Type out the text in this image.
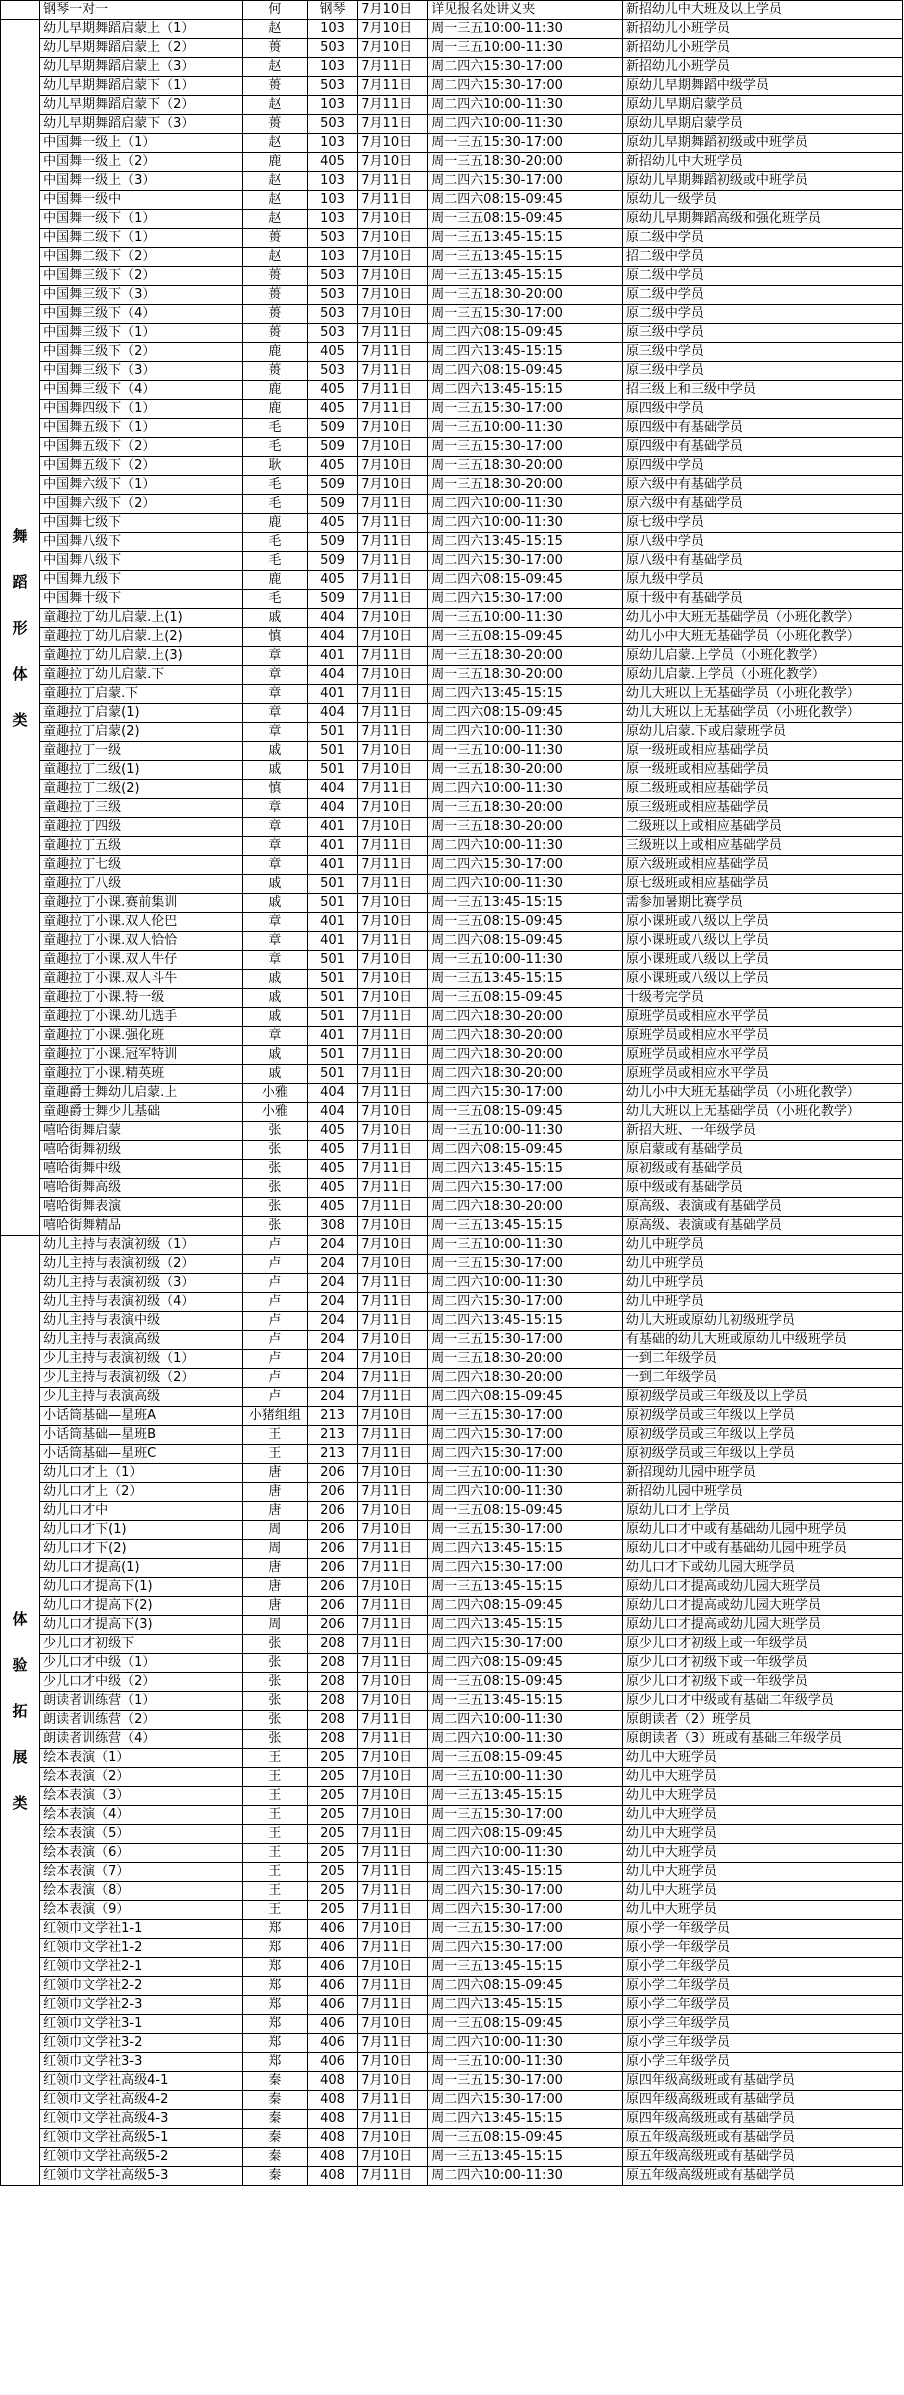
	钢琴一对一	何	钢琴	7月10日	详见报名处讲义夹	新招幼儿中大班及以上学员

舞
蹈
形
体
类	幼儿早期舞蹈启蒙上（1）	赵	103	7月10日	周一三五10:00-11:30	新招幼儿小班学员
	幼儿早期舞蹈启蒙上（2）	蒉	503	7月10日	周一三五10:00-11:30	新招幼儿小班学员
	幼儿早期舞蹈启蒙上（3）	赵	103	7月11日	周二四六15:30-17:00	新招幼儿小班学员
	幼儿早期舞蹈启蒙下（1）	蒉	503	7月11日	周二四六15:30-17:00	原幼儿早期舞蹈中级学员
	幼儿早期舞蹈启蒙下（2）	赵	103	7月11日	周二四六10:00-11:30	原幼儿早期启蒙学员
	幼儿早期舞蹈启蒙下（3）	蒉	503	7月11日	周二四六10:00-11:30	原幼儿早期启蒙学员
	中国舞一级上（1）	赵	103	7月10日	周一三五15:30-17:00	原幼儿早期舞蹈初级或中班学员
	中国舞一级上（2）	鹿	405	7月10日	周一三五18:30-20:00	新招幼儿中大班学员
	中国舞一级上（3）	赵	103	7月11日	周二四六15:30-17:00	原幼儿早期舞蹈初级或中班学员
	中国舞一级中	赵	103	7月11日	周二四六08:15-09:45	原幼儿一级学员
	中国舞一级下（1）	赵	103	7月10日	周一三五08:15-09:45	原幼儿早期舞蹈高级和强化班学员
	中国舞二级下（1）	蒉	503	7月10日	周一三五13:45-15:15	原二级中学员
	中国舞二级下（2）	赵	103	7月10日	周一三五13:45-15:15	招二级中学员
	中国舞三级下（2）	蒉	503	7月10日	周一三五13:45-15:15	原二级中学员
	中国舞三级下（3）	蒉	503	7月10日	周一三五18:30-20:00	原二级中学员
	中国舞三级下（4）	蒉	503	7月10日	周一三五15:30-17:00	原二级中学员
	中国舞三级下（1）	蒉	503	7月11日	周二四六08:15-09:45	原三级中学员
	中国舞三级下（2）	鹿	405	7月11日	周二四六13:45-15:15	原三级中学员
	中国舞三级下（3）	蒉	503	7月11日	周二四六08:15-09:45	原三级中学员
	中国舞三级下（4）	鹿	405	7月11日	周二四六13:45-15:15	招三级上和三级中学员
	中国舞四级下（1）	鹿	405	7月11日	周一三五15:30-17:00	原四级中学员
	中国舞五级下（1）	毛	509	7月10日	周一三五10:00-11:30	原四级中有基础学员
	中国舞五级下（2）	毛	509	7月10日	周一三五15:30-17:00	原四级中有基础学员
	中国舞五级下（2）	耿	405	7月10日	周一三五18:30-20:00	原四级中学员
	中国舞六级下（1）	毛	509	7月10日	周一三五18:30-20:00	原六级中有基础学员
	中国舞六级下（2）	毛	509	7月11日	周二四六10:00-11:30	原六级中有基础学员
	中国舞七级下	鹿	405	7月11日	周二四六10:00-11:30	原七级中学员
	中国舞八级下	毛	509	7月11日	周二四六13:45-15:15	原八级中学员
	中国舞八级下	毛	509	7月11日	周二四六15:30-17:00	原八级中有基础学员
	中国舞九级下	鹿	405	7月11日	周二四六08:15-09:45	原九级中学员
	中国舞十级下	毛	509	7月11日	周二四六15:30-17:00	原十级中有基础学员
	童趣拉丁幼儿启蒙.上(1)	戚	404	7月10日	周一三五10:00-11:30	幼儿小中大班无基础学员（小班化教学）
	童趣拉丁幼儿启蒙.上(2)	慎	404	7月10日	周一三五08:15-09:45	幼儿小中大班无基础学员（小班化教学）
	童趣拉丁幼儿启蒙.上(3)	章	401	7月11日	周一三五18:30-20:00	原幼儿启蒙.上学员（小班化教学）
	童趣拉丁幼儿启蒙.下	章	404	7月10日	周一三五18:30-20:00	原幼儿启蒙.上学员（小班化教学）
	童趣拉丁启蒙.下	章	401	7月11日	周二四六13:45-15:15	幼儿大班以上无基础学员（小班化教学）
	童趣拉丁启蒙(1)	章	404	7月11日	周二四六08:15-09:45	幼儿大班以上无基础学员（小班化教学）
	童趣拉丁启蒙(2)	章	501	7月11日	周二四六10:00-11:30	原幼儿启蒙.下或启蒙班学员
	童趣拉丁一级	戚	501	7月10日	周一三五10:00-11:30	原一级班或相应基础学员
	童趣拉丁二级(1)	戚	501	7月10日	周一三五18:30-20:00	原一级班或相应基础学员
	童趣拉丁二级(2)	慎	404	7月11日	周二四六10:00-11:30	原二级班或相应基础学员
	童趣拉丁三级	章	404	7月10日	周一三五18:30-20:00	原三级班或相应基础学员
	童趣拉丁四级	章	401	7月10日	周一三五18:30-20:00	二级班以上或相应基础学员
	童趣拉丁五级	章	401	7月11日	周二四六10:00-11:30	三级班以上或相应基础学员
	童趣拉丁七级	章	401	7月11日	周二四六15:30-17:00	原六级班或相应基础学员
	童趣拉丁八级	戚	501	7月11日	周二四六10:00-11:30	原七级班或相应基础学员
	童趣拉丁小课.赛前集训	戚	501	7月10日	周一三五13:45-15:15	需参加暑期比赛学员
	童趣拉丁小课.双人伦巴	章	401	7月10日	周一三五08:15-09:45	原小课班或八级以上学员
	童趣拉丁小课.双人恰恰	章	401	7月11日	周二四六08:15-09:45	原小课班或八级以上学员
	童趣拉丁小课.双人牛仔	章	501	7月10日	周一三五10:00-11:30	原小课班或八级以上学员
	童趣拉丁小课.双人斗牛	戚	501	7月10日	周一三五13:45-15:15	原小课班或八级以上学员
	童趣拉丁小课.特一级	戚	501	7月10日	周一三五08:15-09:45	十级考完学员
	童趣拉丁小课.幼儿选手	戚	501	7月11日	周二四六18:30-20:00	原班学员或相应水平学员
	童趣拉丁小课.强化班	章	401	7月11日	周二四六18:30-20:00	原班学员或相应水平学员
	童趣拉丁小课.冠军特训	戚	501	7月11日	周二四六18:30-20:00	原班学员或相应水平学员
	童趣拉丁小课.精英班	戚	501	7月11日	周二四六18:30-20:00	原班学员或相应水平学员
	童趣爵士舞幼儿启蒙.上	小雅	404	7月11日	周二四六15:30-17:00	幼儿小中大班无基础学员（小班化教学）
	童趣爵士舞少儿基础	小雅	404	7月10日	周一三五08:15-09:45	幼儿大班以上无基础学员（小班化教学）
	嘻哈街舞启蒙	张	405	7月10日	周一三五10:00-11:30	新招大班、一年级学员
	嘻哈街舞初级	张	405	7月11日	周二四六08:15-09:45	原启蒙或有基础学员
	嘻哈街舞中级	张	405	7月11日	周二四六13:45-15:15	原初级或有基础学员
	嘻哈街舞高级	张	405	7月11日	周二四六15:30-17:00	原中级或有基础学员
	嘻哈街舞表演	张	405	7月11日	周二四六18:30-20:00	原高级、表演或有基础学员
	嘻哈街舞精品	张	308	7月10日	周一三五13:45-15:15	原高级、表演或有基础学员

体
验
拓
展
类	幼儿主持与表演初级（1）	卢	204	7月10日	周一三五10:00-11:30	幼儿中班学员
	幼儿主持与表演初级（2）	卢	204	7月10日	周一三五15:30-17:00	幼儿中班学员
	幼儿主持与表演初级（3）	卢	204	7月11日	周二四六10:00-11:30	幼儿中班学员
	幼儿主持与表演初级（4）	卢	204	7月11日	周二四六15:30-17:00	幼儿中班学员
	幼儿主持与表演中级	卢	204	7月11日	周二四六13:45-15:15	幼儿大班或原幼儿初级班学员
	幼儿主持与表演高级	卢	204	7月10日	周一三五15:30-17:00	有基础的幼儿大班或原幼儿中级班学员
	少儿主持与表演初级（1）	卢	204	7月10日	周一三五18:30-20:00	一到二年级学员
	少儿主持与表演初级（2）	卢	204	7月11日	周二四六18:30-20:00	一到二年级学员
	少儿主持与表演高级	卢	204	7月11日	周二四六08:15-09:45	原初级学员或三年级及以上学员
	小话筒基础—星班A	小猪组组	213	7月10日	周一三五15:30-17:00	原初级学员或三年级以上学员
	小话筒基础—星班B	王	213	7月11日	周二四六15:30-17:00	原初级学员或三年级以上学员
	小话筒基础—星班C	王	213	7月11日	周二四六15:30-17:00	原初级学员或三年级以上学员
	幼儿口才上（1）	唐	206	7月10日	周一三五10:00-11:30	新招现幼儿园中班学员
	幼儿口才上（2）	唐	206	7月11日	周二四六10:00-11:30	新招幼儿园中班学员
	幼儿口才中	唐	206	7月10日	周一三五08:15-09:45	原幼儿口才上学员
	幼儿口才下(1)	周	206	7月10日	周一三五15:30-17:00	原幼儿口才中或有基础幼儿园中班学员
	幼儿口才下(2)	周	206	7月11日	周二四六13:45-15:15	原幼儿口才中或有基础幼儿园中班学员
	幼儿口才提高(1)	唐	206	7月11日	周二四六15:30-17:00	幼儿口才下或幼儿园大班学员
	幼儿口才提高下(1)	唐	206	7月10日	周一三五13:45-15:15	原幼儿口才提高或幼儿园大班学员
	幼儿口才提高下(2)	唐	206	7月11日	周二四六08:15-09:45	原幼儿口才提高或幼儿园大班学员
	幼儿口才提高下(3)	周	206	7月11日	周二四六13:45-15:15	原幼儿口才提高或幼儿园大班学员
	少儿口才初级下	张	208	7月11日	周二四六15:30-17:00	原少儿口才初级上或一年级学员
	少儿口才中级（1）	张	208	7月11日	周二四六08:15-09:45	原少儿口才初级下或一年级学员
	少儿口才中级（2）	张	208	7月10日	周一三五08:15-09:45	原少儿口才初级下或一年级学员
	朗读者训练营（1）	张	208	7月10日	周一三五13:45-15:15	原少儿口才中级或有基础二年级学员
	朗读者训练营（2）	张	208	7月11日	周二四六10:00-11:30	原朗读者（2）班学员
	朗读者训练营（4）	张	208	7月11日	周二四六10:00-11:30	原朗读者（3）班或有基础三年级学员
	绘本表演（1）	王	205	7月10日	周一三五08:15-09:45	幼儿中大班学员
	绘本表演（2）	王	205	7月10日	周一三五10:00-11:30	幼儿中大班学员
	绘本表演（3）	王	205	7月10日	周一三五13:45-15:15	幼儿中大班学员
	绘本表演（4）	王	205	7月10日	周一三五15:30-17:00	幼儿中大班学员
	绘本表演（5）	王	205	7月11日	周二四六08:15-09:45	幼儿中大班学员
	绘本表演（6）	王	205	7月11日	周二四六10:00-11:30	幼儿中大班学员
	绘本表演（7）	王	205	7月11日	周二四六13:45-15:15	幼儿中大班学员
	绘本表演（8）	王	205	7月11日	周二四六15:30-17:00	幼儿中大班学员
	绘本表演（9）	王	205	7月11日	周二四六15:30-17:00	幼儿中大班学员
	红领巾文学社1-1	郑	406	7月10日	周一三五15:30-17:00	原小学一年级学员
	红领巾文学社1-2	郑	406	7月11日	周二四六15:30-17:00	原小学一年级学员
	红领巾文学社2-1	郑	406	7月10日	周一三五13:45-15:15	原小学二年级学员
	红领巾文学社2-2	郑	406	7月11日	周二四六08:15-09:45	原小学二年级学员
	红领巾文学社2-3	郑	406	7月11日	周二四六13:45-15:15	原小学二年级学员
	红领巾文学社3-1	郑	406	7月10日	周一三五08:15-09:45	原小学三年级学员
	红领巾文学社3-2	郑	406	7月11日	周二四六10:00-11:30	原小学三年级学员
	红领巾文学社3-3	郑	406	7月10日	周一三五10:00-11:30	原小学三年级学员
	红领巾文学社高级4-1	秦	408	7月10日	周一三五15:30-17:00	原四年级高级班或有基础学员
	红领巾文学社高级4-2	秦	408	7月11日	周二四六15:30-17:00	原四年级高级班或有基础学员
	红领巾文学社高级4-3	秦	408	7月11日	周二四六13:45-15:15	原四年级高级班或有基础学员
	红领巾文学社高级5-1	秦	408	7月10日	周一三五08:15-09:45	原五年级高级班或有基础学员
	红领巾文学社高级5-2	秦	408	7月10日	周一三五13:45-15:15	原五年级高级班或有基础学员
	红领巾文学社高级5-3	秦	408	7月11日	周二四六10:00-11:30	原五年级高级班或有基础学员
